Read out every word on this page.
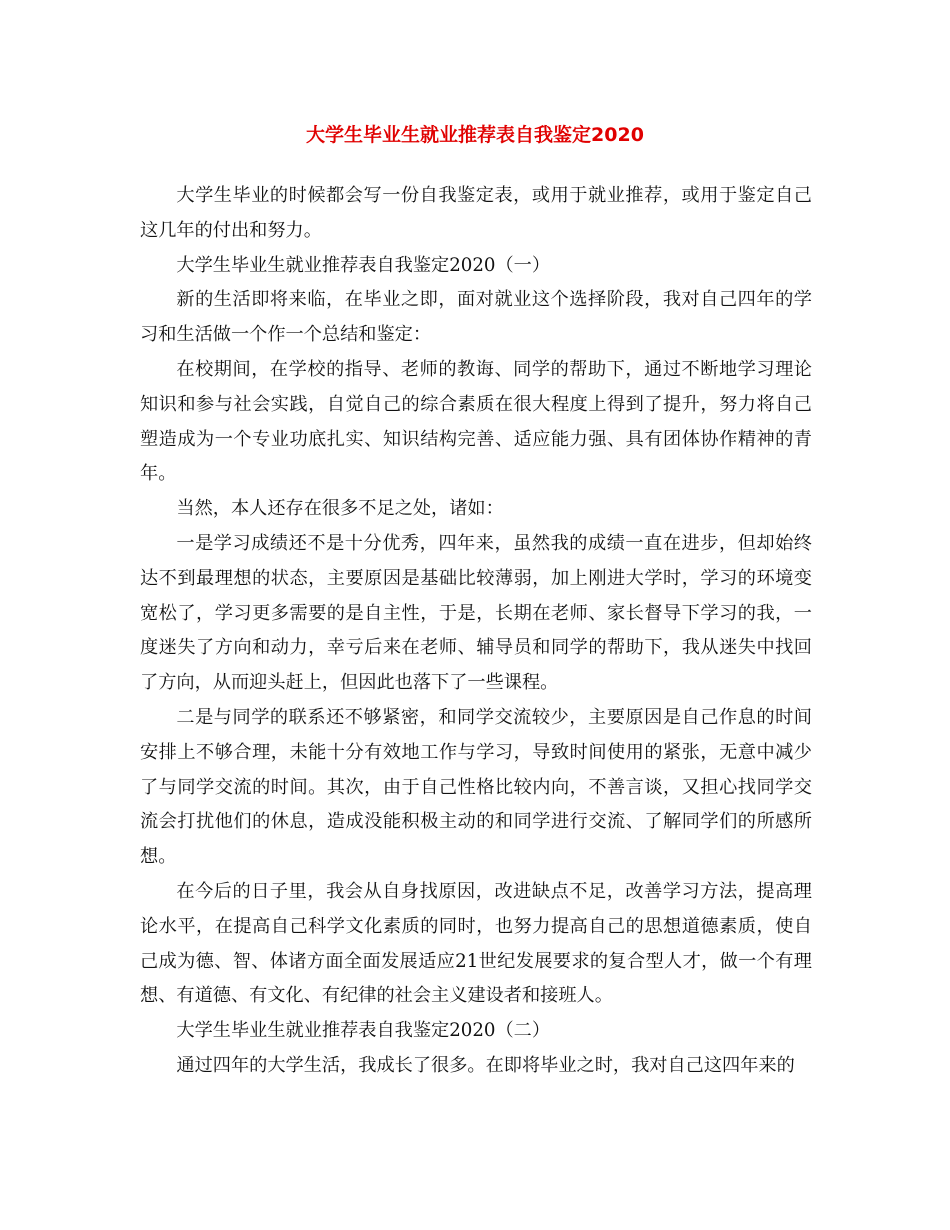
大学生毕业生就业推荐表自我鉴定2020

大学生毕业的时候都会写一份自我鉴定表，或用于就业推荐，或用于鉴定自己这几年的付出和努力。

大学生毕业生就业推荐表自我鉴定2020（一）

新的生活即将来临，在毕业之即，面对就业这个选择阶段，我对自己四年的学习和生活做一个作一个总结和鉴定：

在校期间，在学校的指导、老师的教诲、同学的帮助下，通过不断地学习理论知识和参与社会实践，自觉自己的综合素质在很大程度上得到了提升，努力将自己塑造成为一个专业功底扎实、知识结构完善、适应能力强、具有团体协作精神的青年。

当然，本人还存在很多不足之处，诸如：

一是学习成绩还不是十分优秀，四年来，虽然我的成绩一直在进步，但却始终达不到最理想的状态，主要原因是基础比较薄弱，加上刚进大学时，学习的环境变宽松了，学习更多需要的是自主性，于是，长期在老师、家长督导下学习的我，一度迷失了方向和动力，幸亏后来在老师、辅导员和同学的帮助下，我从迷失中找回了方向，从而迎头赶上，但因此也落下了一些课程。

二是与同学的联系还不够紧密，和同学交流较少，主要原因是自己作息的时间安排上不够合理，未能十分有效地工作与学习，导致时间使用的紧张，无意中减少了与同学交流的时间。其次，由于自己性格比较内向，不善言谈，又担心找同学交流会打扰他们的休息，造成没能积极主动的和同学进行交流、了解同学们的所感所想。

在今后的日子里，我会从自身找原因，改进缺点不足，改善学习方法，提高理论水平，在提高自己科学文化素质的同时，也努力提高自己的思想道德素质，使自己成为德、智、体诸方面全面发展适应21世纪发展要求的复合型人才，做一个有理想、有道德、有文化、有纪律的社会主义建设者和接班人。

大学生毕业生就业推荐表自我鉴定2020（二）

通过四年的大学生活，我成长了很多。在即将毕业之时，我对自己这四年来的
